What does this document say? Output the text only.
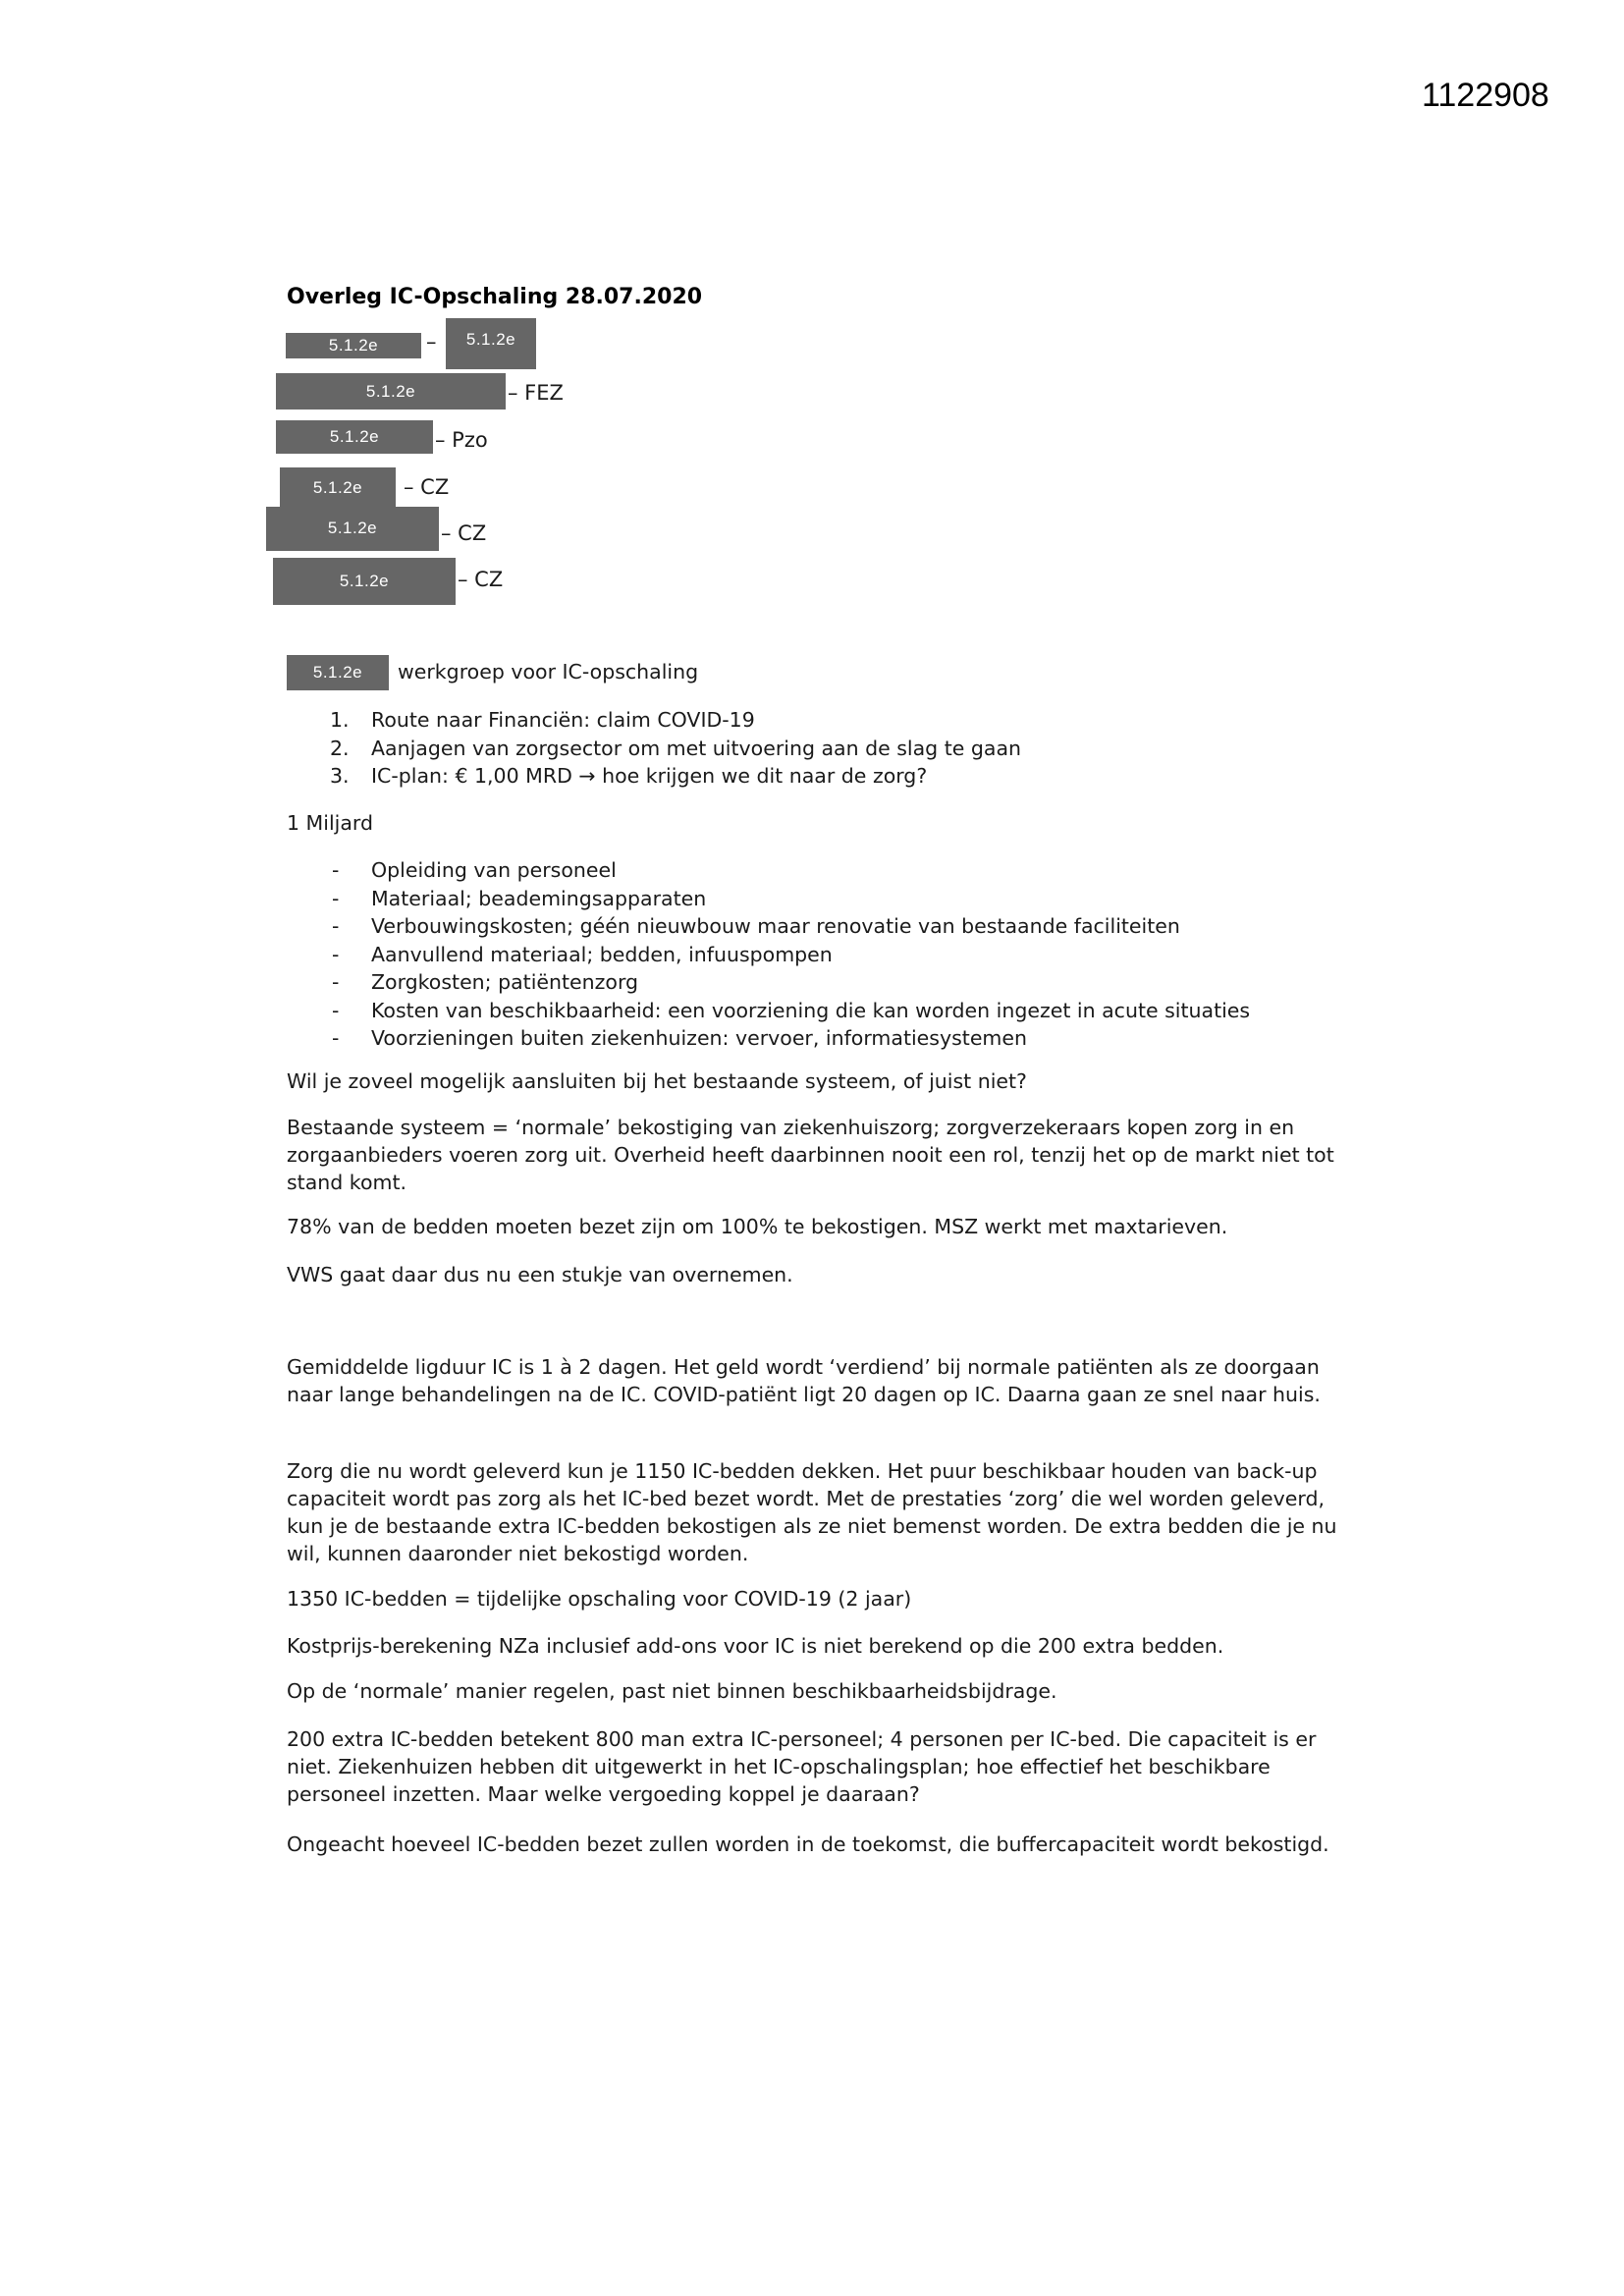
1122908
Overleg IC-Opschaling 28.07.2020
5.1.2e	–	5.1.2e
5.1.2e	– FEZ
5.1.2e	– Pzo
5.1.2e	– CZ
5.1.2e	– CZ
5.1.2e	– CZ
5.1.2e	werkgroep voor IC-opschaling
1. Route naar Financiën: claim COVID-19
2. Aanjagen van zorgsector om met uitvoering aan de slag te gaan
3. IC-plan: € 1,00 MRD → hoe krijgen we dit naar de zorg?

1 Miljard

- Opleiding van personeel
- Materiaal; beademingsapparaten
- Verbouwingskosten; géén nieuwbouw maar renovatie van bestaande faciliteiten
- Aanvullend materiaal; bedden, infuuspompen
- Zorgkosten; patiëntenzorg
- Kosten van beschikbaarheid: een voorziening die kan worden ingezet in acute situaties
- Voorzieningen buiten ziekenhuizen: vervoer, informatiesystemen

Wil je zoveel mogelijk aansluiten bij het bestaande systeem, of juist niet?

Bestaande systeem = ‘normale’ bekostiging van ziekenhuiszorg; zorgverzekeraars kopen zorg in en zorgaanbieders voeren zorg uit. Overheid heeft daarbinnen nooit een rol, tenzij het op de markt niet tot stand komt.

78% van de bedden moeten bezet zijn om 100% te bekostigen. MSZ werkt met maxtarieven.

VWS gaat daar dus nu een stukje van overnemen.

Gemiddelde ligduur IC is 1 à 2 dagen. Het geld wordt ‘verdiend’ bij normale patiënten als ze doorgaan naar lange behandelingen na de IC. COVID-patiënt ligt 20 dagen op IC. Daarna gaan ze snel naar huis.

Zorg die nu wordt geleverd kun je 1150 IC-bedden dekken. Het puur beschikbaar houden van back-up capaciteit wordt pas zorg als het IC-bed bezet wordt. Met de prestaties ‘zorg’ die wel worden geleverd, kun je de bestaande extra IC-bedden bekostigen als ze niet bemenst worden. De extra bedden die je nu wil, kunnen daaronder niet bekostigd worden.

1350 IC-bedden = tijdelijke opschaling voor COVID-19 (2 jaar)

Kostprijs-berekening NZa inclusief add-ons voor IC is niet berekend op die 200 extra bedden.

Op de ‘normale’ manier regelen, past niet binnen beschikbaarheidsbijdrage.

200 extra IC-bedden betekent 800 man extra IC-personeel; 4 personen per IC-bed. Die capaciteit is er niet. Ziekenhuizen hebben dit uitgewerkt in het IC-opschalingsplan; hoe effectief het beschikbare personeel inzetten. Maar welke vergoeding koppel je daaraan?

Ongeacht hoeveel IC-bedden bezet zullen worden in de toekomst, die buffercapaciteit wordt bekostigd.
